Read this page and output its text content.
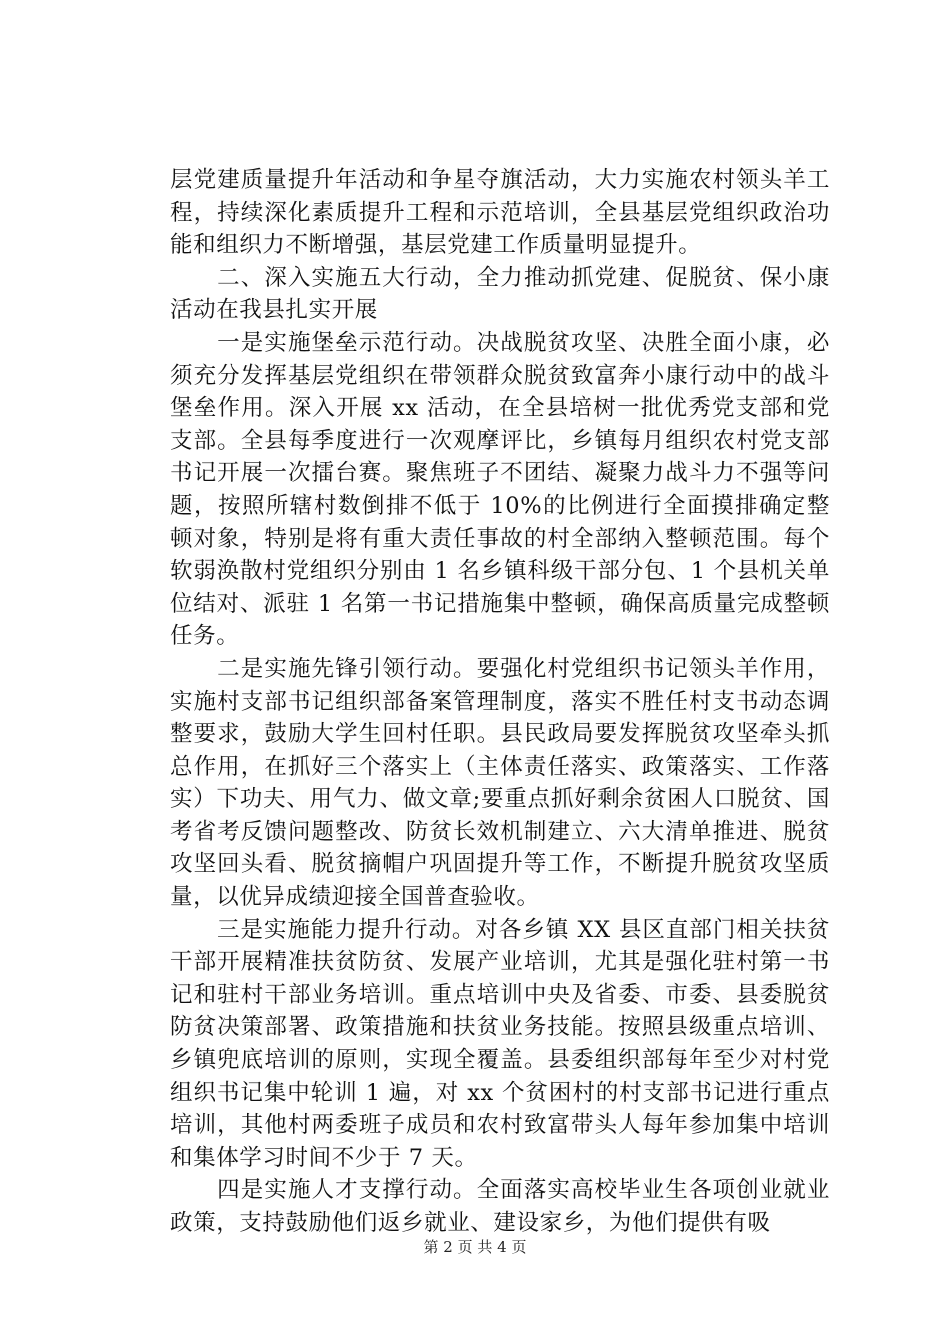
层党建质量提升年活动和争星夺旗活动，大力实施农村领头羊工程，持续深化素质提升工程和示范培训，全县基层党组织政治功能和组织力不断增强，基层党建工作质量明显提升。

　　二、深入实施五大行动，全力推动抓党建、促脱贫、保小康活动在我县扎实开展

　　一是实施堡垒示范行动。决战脱贫攻坚、决胜全面小康，必须充分发挥基层党组织在带领群众脱贫致富奔小康行动中的战斗堡垒作用。深入开展 xx 活动，在全县培树一批优秀党支部和党支部。全县每季度进行一次观摩评比，乡镇每月组织农村党支部书记开展一次擂台赛。聚焦班子不团结、凝聚力战斗力不强等问题，按照所辖村数倒排不低于 10%的比例进行全面摸排确定整顿对象，特别是将有重大责任事故的村全部纳入整顿范围。每个软弱涣散村党组织分别由 1 名乡镇科级干部分包、1 个县机关单位结对、派驻 1 名第一书记措施集中整顿，确保高质量完成整顿任务。

　　二是实施先锋引领行动。要强化村党组织书记领头羊作用，实施村支部书记组织部备案管理制度，落实不胜任村支书动态调整要求，鼓励大学生回村任职。县民政局要发挥脱贫攻坚牵头抓总作用，在抓好三个落实上（主体责任落实、政策落实、工作落实）下功夫、用气力、做文章;要重点抓好剩余贫困人口脱贫、国考省考反馈问题整改、防贫长效机制建立、六大清单推进、脱贫攻坚回头看、脱贫摘帽户巩固提升等工作，不断提升脱贫攻坚质量，以优异成绩迎接全国普查验收。

　　三是实施能力提升行动。对各乡镇 XX 县区直部门相关扶贫干部开展精准扶贫防贫、发展产业培训，尤其是强化驻村第一书记和驻村干部业务培训。重点培训中央及省委、市委、县委脱贫防贫决策部署、政策措施和扶贫业务技能。按照县级重点培训、乡镇兜底培训的原则，实现全覆盖。县委组织部每年至少对村党组织书记集中轮训 1 遍，对 xx 个贫困村的村支部书记进行重点培训，其他村两委班子成员和农村致富带头人每年参加集中培训和集体学习时间不少于 7 天。

　　四是实施人才支撑行动。全面落实高校毕业生各项创业就业政策，支持鼓励他们返乡就业、建设家乡，为他们提供有吸

第 2 页 共 4 页
